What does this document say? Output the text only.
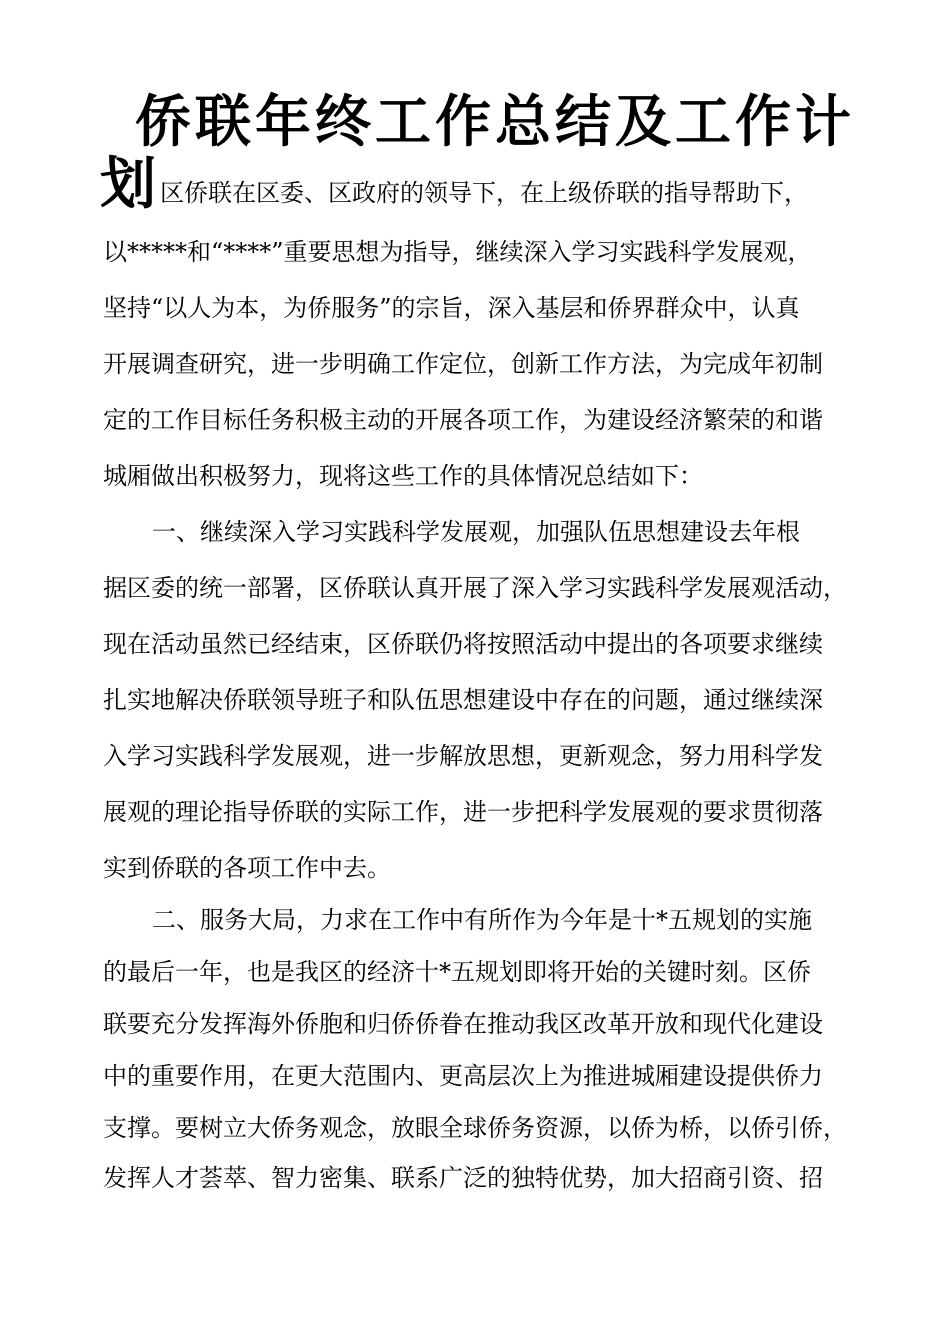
侨联年终工作总结及工作计
划 区侨联在区委、区政府的领导下，在上级侨联的指导帮助下，
以*****和“****”重要思想为指导，继续深入学习实践科学发展观，
坚持“以人为本，为侨服务”的宗旨，深入基层和侨界群众中，认真
开展调查研究，进一步明确工作定位，创新工作方法，为完成年初制
定的工作目标任务积极主动的开展各项工作，为建设经济繁荣的和谐
城厢做出积极努力，现将这些工作的具体情况总结如下：
一、继续深入学习实践科学发展观，加强队伍思想建设去年根
据区委的统一部署，区侨联认真开展了深入学习实践科学发展观活动，
现在活动虽然已经结束，区侨联仍将按照活动中提出的各项要求继续
扎实地解决侨联领导班子和队伍思想建设中存在的问题，通过继续深
入学习实践科学发展观，进一步解放思想，更新观念，努力用科学发
展观的理论指导侨联的实际工作，进一步把科学发展观的要求贯彻落
实到侨联的各项工作中去。
二、服务大局，力求在工作中有所作为今年是十*五规划的实施
的最后一年，也是我区的经济十*五规划即将开始的关键时刻。区侨
联要充分发挥海外侨胞和归侨侨眷在推动我区改革开放和现代化建设
中的重要作用，在更大范围内、更高层次上为推进城厢建设提供侨力
支撑。要树立大侨务观念，放眼全球侨务资源，以侨为桥，以侨引侨，
发挥人才荟萃、智力密集、联系广泛的独特优势，加大招商引资、招
